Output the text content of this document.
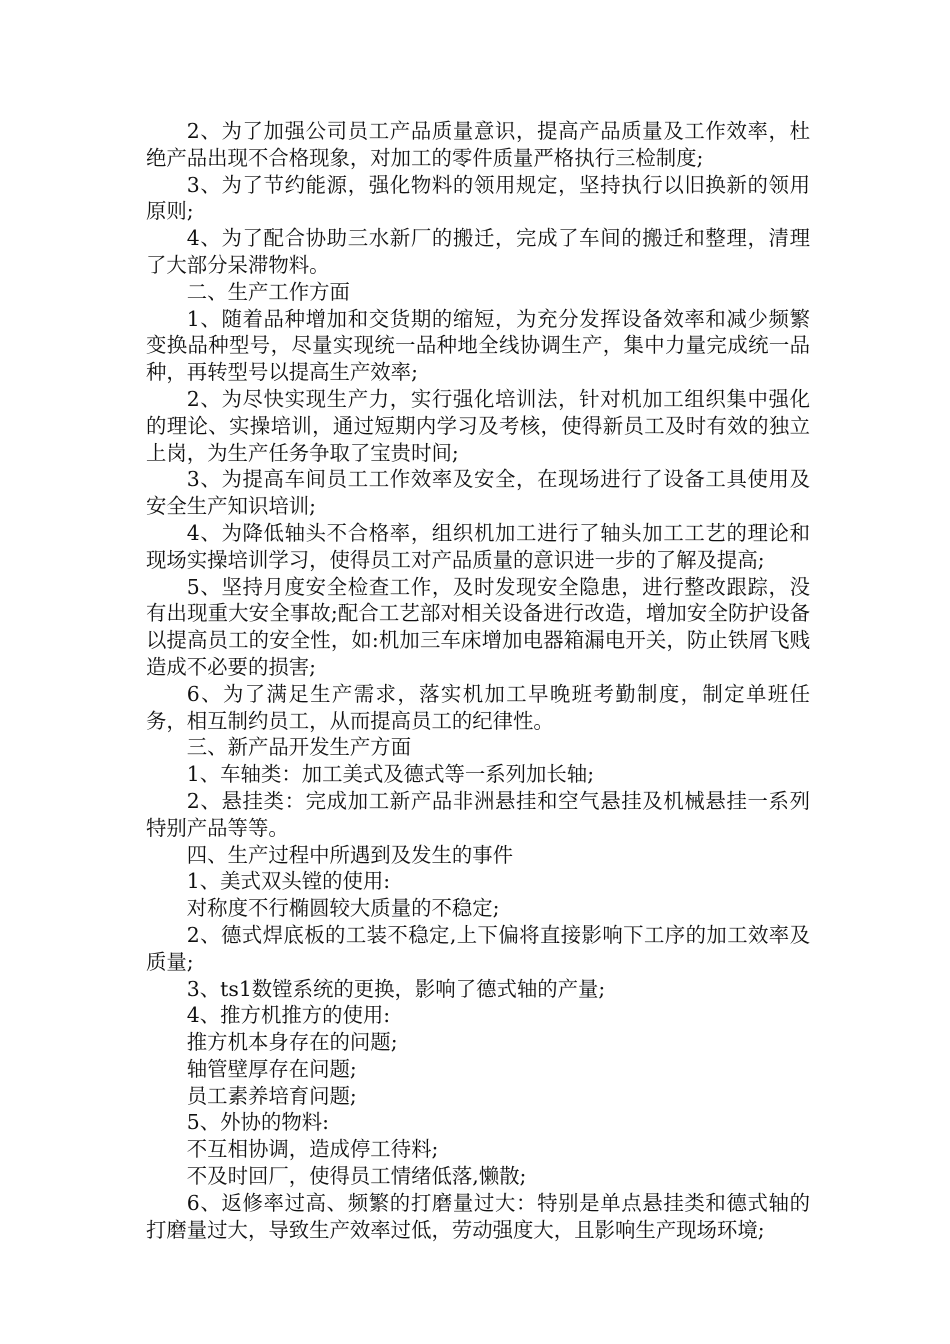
2、为了加强公司员工产品质量意识，提高产品质量及工作效率，杜绝产品出现不合格现象，对加工的零件质量严格执行三检制度;

3、为了节约能源，强化物料的领用规定，坚持执行以旧换新的领用原则;

4、为了配合协助三水新厂的搬迁，完成了车间的搬迁和整理，清理了大部分呆滞物料。

二、生产工作方面

1、随着品种增加和交货期的缩短，为充分发挥设备效率和减少频繁变换品种型号，尽量实现统一品种地全线协调生产，集中力量完成统一品种，再转型号以提高生产效率;

2、为尽快实现生产力，实行强化培训法，针对机加工组织集中强化的理论、实操培训，通过短期内学习及考核，使得新员工及时有效的独立上岗，为生产任务争取了宝贵时间;

3、为提高车间员工工作效率及安全，在现场进行了设备工具使用及安全生产知识培训;

4、为降低轴头不合格率，组织机加工进行了轴头加工工艺的理论和现场实操培训学习，使得员工对产品质量的意识进一步的了解及提高;

5、坚持月度安全检查工作，及时发现安全隐患，进行整改跟踪，没有出现重大安全事故;配合工艺部对相关设备进行改造，增加安全防护设备以提高员工的安全性，如:机加三车床增加电器箱漏电开关，防止铁屑飞贱造成不必要的损害;

6、为了满足生产需求，落实机加工早晚班考勤制度，制定单班任务，相互制约员工，从而提高员工的纪律性。

三、新产品开发生产方面

1、车轴类：加工美式及德式等一系列加长轴;

2、悬挂类：完成加工新产品非洲悬挂和空气悬挂及机械悬挂一系列特别产品等等。

四、生产过程中所遇到及发生的事件

1、美式双头镗的使用:

对称度不行椭圆较大质量的不稳定;

2、德式焊底板的工装不稳定,上下偏将直接影响下工序的加工效率及质量;

3、ts1数镗系统的更换，影响了德式轴的产量;

4、推方机推方的使用:

推方机本身存在的问题;

轴管壁厚存在问题;

员工素养培育问题;

5、外协的物料:

不互相协调，造成停工待料;

不及时回厂，使得员工情绪低落,懒散;

6、返修率过高、频繁的打磨量过大：特别是单点悬挂类和德式轴的打磨量过大，导致生产效率过低，劳动强度大，且影响生产现场环境;
